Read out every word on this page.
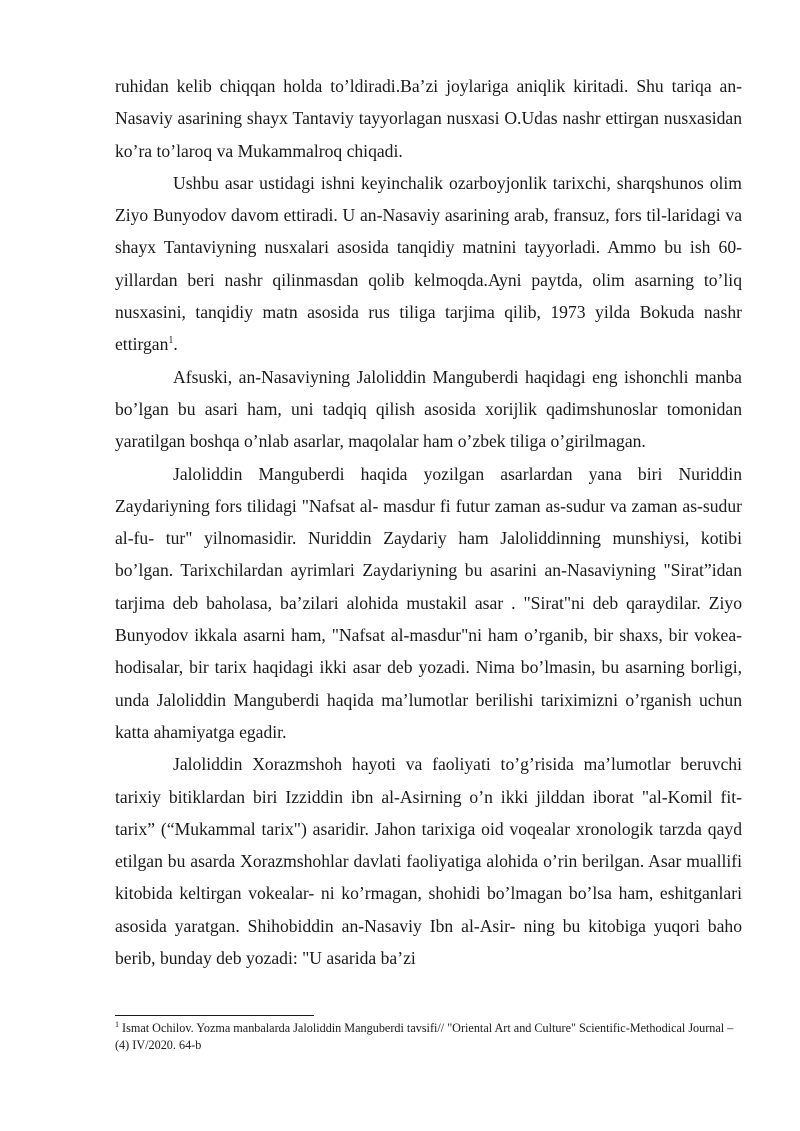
ruhidan kelib chiqqan holda to’ldiradi.Ba’zi joylariga aniqlik kiritadi. Shu tariqa an-Nasaviy asarining shayx Tantaviy tayyorlagan nusxasi O.Udas nashr ettirgan nusxasidan ko’ra to’laroq va Mukammalroq chiqadi.

Ushbu asar ustidagi ishni keyinchalik ozarboyjonlik tarixchi, sharqshunos olim Ziyo Bunyodov davom ettiradi. U an-Nasaviy asarining arab, fransuz, fors til-laridagi va shayx Tantaviyning nusxalari asosida tanqidiy matnini tayyorladi. Ammo bu ish 60-yillardan beri nashr qilinmasdan qolib kelmoqda.Ayni paytda, olim asarning to’liq nusxasini, tanqidiy matn asosida rus tiliga tarjima qilib, 1973 yilda Bokuda nashr ettirgan$^1$.

Afsuski, an-Nasaviyning Jaloliddin Manguberdi haqidagi eng ishonchli manba bo’lgan bu asari ham, uni tadqiq qilish asosida xorijlik qadimshunoslar tomonidan yaratilgan boshqa o’nlab asarlar, maqolalar ham o’zbek tiliga o’girilmagan.

Jaloliddin Manguberdi haqida yozilgan asarlardan yana biri Nuriddin Zaydariyning fors tilidagi "Nafsat al- masdur fi futur zaman as-sudur va zaman as-sudur al-fu- tur" yilnomasidir. Nuriddin Zaydariy ham Jaloliddinning munshiysi, kotibi bo’lgan. Tarixchilardan ayrimlari Zaydariyning bu asarini an-Nasaviyning "Sirat”idan tarjima deb baholasa, ba’zilari alohida mustakil asar . "Sirat"ni deb qaraydilar. Ziyo Bunyodov ikkala asarni ham, "Nafsat al-masdur"ni ham o’rganib, bir shaxs, bir vokea-hodisalar, bir tarix haqidagi ikki asar deb yozadi. Nima bo’lmasin, bu asarning borligi, unda Jaloliddin Manguberdi haqida ma’lumotlar berilishi tariximizni o’rganish uchun katta ahamiyatga egadir.

Jaloliddin Xorazmshoh hayoti va faoliyati to’g’risida ma’lumotlar beruvchi tarixiy bitiklardan biri Izziddin ibn al-Asirning o’n ikki jilddan iborat "al-Komil fit-tarix” (“Mukammal tarix") asaridir. Jahon tarixiga oid voqealar xronologik tarzda qayd etilgan bu asarda Xorazmshohlar davlati faoliyatiga alohida o’rin berilgan. Asar muallifi kitobida keltirgan vokealar- ni ko’rmagan, shohidi bo’lmagan bo’lsa ham, eshitganlari asosida yaratgan. Shihobiddin an-Nasaviy Ibn al-Asir- ning bu kitobiga yuqori baho berib, bunday deb yozadi: "U asarida ba’zi

$^1$ Ismat Ochilov. Yozma manbalarda Jaloliddin Manguberdi tavsifi// "Oriental Art and Culture" Scientific-Methodical Journal – (4) IV/2020. 64-b
